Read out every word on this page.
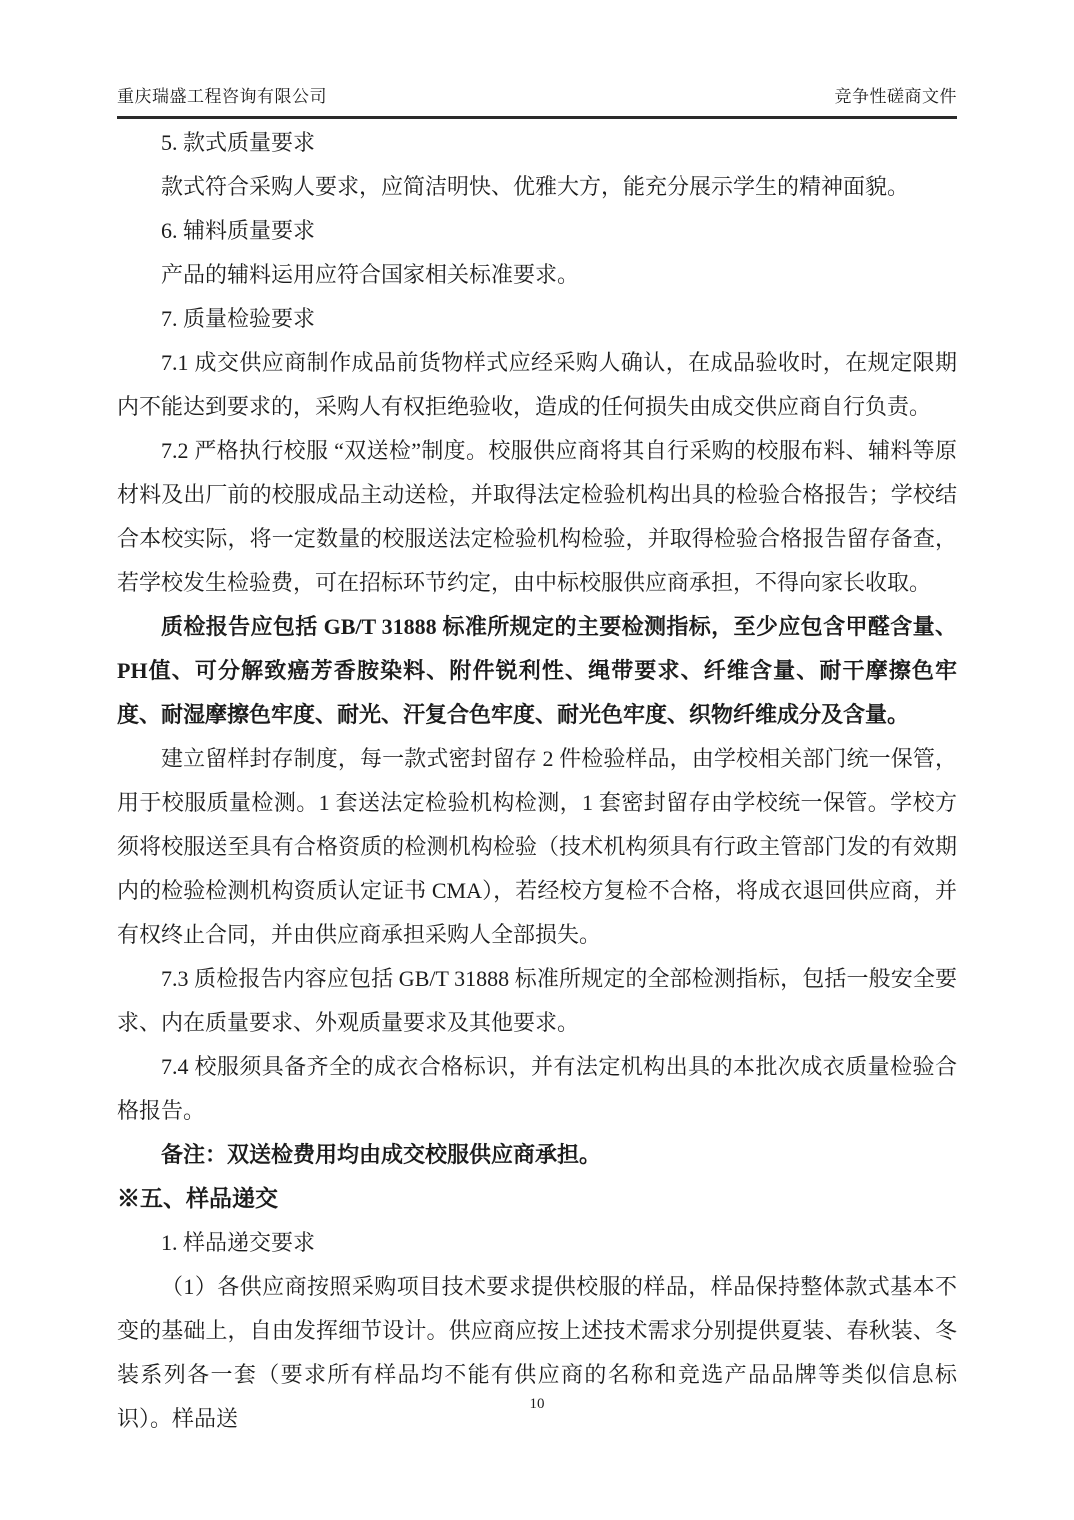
重庆瑞盛工程咨询有限公司	竞争性磋商文件

5. 款式质量要求

款式符合采购人要求，应简洁明快、优雅大方，能充分展示学生的精神面貌。

6. 辅料质量要求

产品的辅料运用应符合国家相关标准要求。

7. 质量检验要求

7.1 成交供应商制作成品前货物样式应经采购人确认，在成品验收时，在规定限期内不能达到要求的，采购人有权拒绝验收，造成的任何损失由成交供应商自行负责。

7.2 严格执行校服 “双送检”制度。校服供应商将其自行采购的校服布料、辅料等原材料及出厂前的校服成品主动送检，并取得法定检验机构出具的检验合格报告；学校结合本校实际，将一定数量的校服送法定检验机构检验，并取得检验合格报告留存备查，若学校发生检验费，可在招标环节约定，由中标校服供应商承担，不得向家长收取。

质检报告应包括 GB/T 31888 标准所规定的主要检测指标，至少应包含甲醛含量、PH值、可分解致癌芳香胺染料、附件锐利性、绳带要求、纤维含量、耐干摩擦色牢度、耐湿摩擦色牢度、耐光、汗复合色牢度、耐光色牢度、织物纤维成分及含量。

建立留样封存制度，每一款式密封留存 2 件检验样品，由学校相关部门统一保管，用于校服质量检测。1 套送法定检验机构检测，1 套密封留存由学校统一保管。学校方须将校服送至具有合格资质的检测机构检验（技术机构须具有行政主管部门发的有效期内的检验检测机构资质认定证书 CMA），若经校方复检不合格，将成衣退回供应商，并有权终止合同，并由供应商承担采购人全部损失。

7.3 质检报告内容应包括 GB/T 31888 标准所规定的全部检测指标，包括一般安全要求、内在质量要求、外观质量要求及其他要求。

7.4 校服须具备齐全的成衣合格标识，并有法定机构出具的本批次成衣质量检验合格报告。

备注：双送检费用均由成交校服供应商承担。

※五、样品递交

1. 样品递交要求

（1）各供应商按照采购项目技术要求提供校服的样品，样品保持整体款式基本不变的基础上，自由发挥细节设计。供应商应按上述技术需求分别提供夏装、春秋装、冬装系列各一套（要求所有样品均不能有供应商的名称和竞选产品品牌等类似信息标识）。样品送

10
